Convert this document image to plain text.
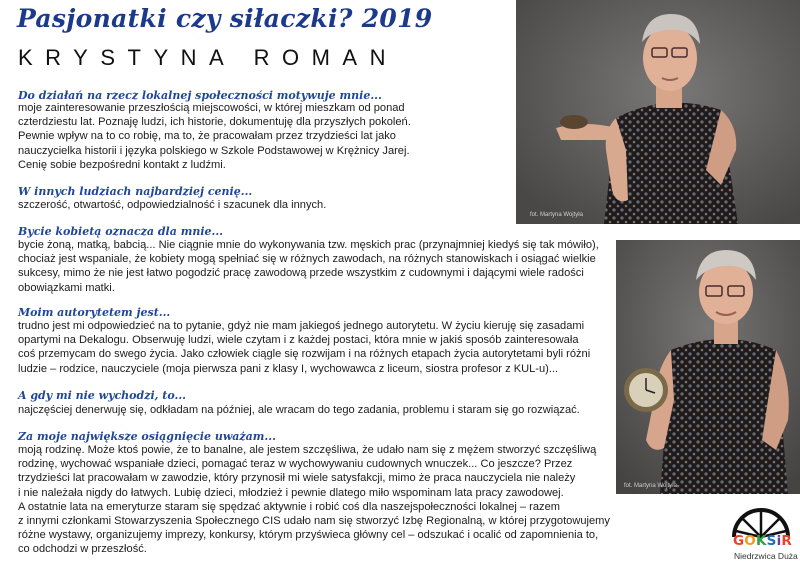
Pasjonatki czy siłaczki? 2019
KRYSTYNA ROMAN
Do działań na rzecz lokalnej społeczności motywuje mnie...
moje zainteresowanie przeszłością miejscowości, w której mieszkam od ponad
czterdziestu lat. Poznaję ludzi, ich historie, dokumentuję dla przyszłych pokoleń.
Pewnie wpływ na to co robię, ma to, że pracowałam przez trzydzieści lat jako
nauczycielka historii i języka polskiego w Szkole Podstawowej w Krężnicy Jarej.
Cenię sobie bezpośredni kontakt z ludźmi.
W innych ludziach najbardziej cenię...
szczerość, otwartość, odpowiedzialność i szacunek dla innych.
Bycie kobietą oznacza dla mnie...
bycie żoną, matką, babcią... Nie ciągnie mnie do wykonywania tzw. męskich prac (przynajmniej kiedyś się tak mówiło),
chociaż jest wspaniale, że kobiety mogą spełniać się w różnych zawodach, na różnych stanowiskach i osiągać wielkie
sukcesy, mimo że nie jest łatwo pogodzić pracę zawodową przede wszystkim z cudownymi i dającymi wiele radości
obowiązkami matki.
Moim autorytetem jest...
trudno jest mi odpowiedzieć na to pytanie, gdyż nie mam jakiegoś jednego autorytetu. W życiu kieruję się zasadami
opartymi na Dekalogu. Obserwuję ludzi, wiele czytam i z każdej postaci, która mnie w jakiś sposób zainteresowała
coś przemycam do swego życia. Jako człowiek ciągle się rozwijam i na różnych etapach życia autorytetami byli różni
ludzie – rodzice, nauczyciele (moja pierwsza pani z klasy I, wychowawca z liceum, siostra profesor z KUL-u)...
A gdy mi nie wychodzi, to...
najczęściej denerwuję się, odkładam na później, ale wracam do tego zadania, problemu i staram się go rozwiązać.
Za moje największe osiągnięcie uważam...
moją rodzinę. Może ktoś powie, że to banalne, ale jestem szczęśliwa, że udało nam się z mężem stworzyć szczęśliwą
rodzinę, wychować wspaniałe dzieci, pomagać teraz w wychowywaniu cudownych wnuczek... Co jeszcze? Przez
trzydzieści lat pracowałam w zawodzie, który przynosił mi wiele satysfakcji, mimo że praca nauczyciela nie należy
i nie należała nigdy do łatwych. Lubię dzieci, młodzież i pewnie dlatego miło wspominam lata pracy zawodowej.
A ostatnie lata na emeryturze staram się spędzać aktywnie i robić coś dla naszejspołeczności lokalnej – razem
z innymi członkami Stowarzyszenia Społecznego CIS udało nam się stworzyć Izbę Regionalną, w której przygotowujemy
różne wystawy, organizujemy imprezy, konkursy, którym przyświeca główny cel – odszukać i ocalić od zapomnienia to,
co odchodzi w przeszłość.
fot. Martyna Wojtyła
fot. Martyna Wojtyła
GOKSiR
Niedrzwica Duża
